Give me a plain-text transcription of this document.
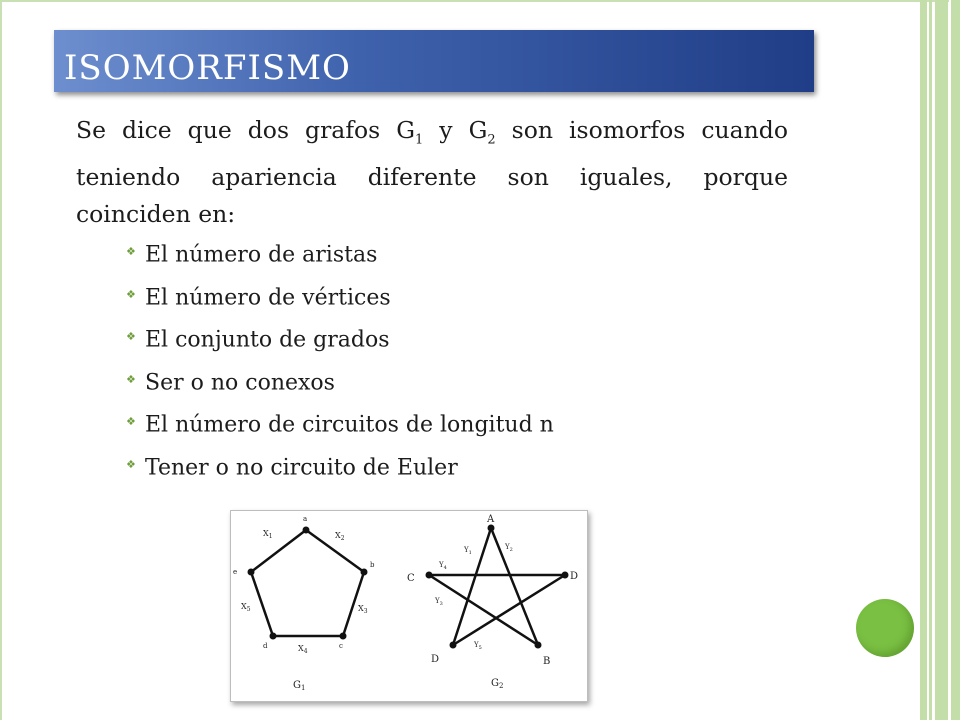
ISOMORFISMO
Se dice que dos grafos $G_1$ y $G_2$ son isomorfos cuando teniendo apariencia diferente son iguales, porque coinciden en:
❖ El número de aristas
❖ El número de vértices
❖ El conjunto de grados
❖ Ser o no conexos
❖ El número de circuitos de longitud n
❖ Tener o no circuito de Euler
a
b
c
d
e
$X_1$	$X_2$
$X_3$
$X_4$
$X_5$
$G_1$
A
B
C	D
D
$Y_1$
$Y_2$
$Y_3$
$Y_4$
$Y_5$
$G_2$
